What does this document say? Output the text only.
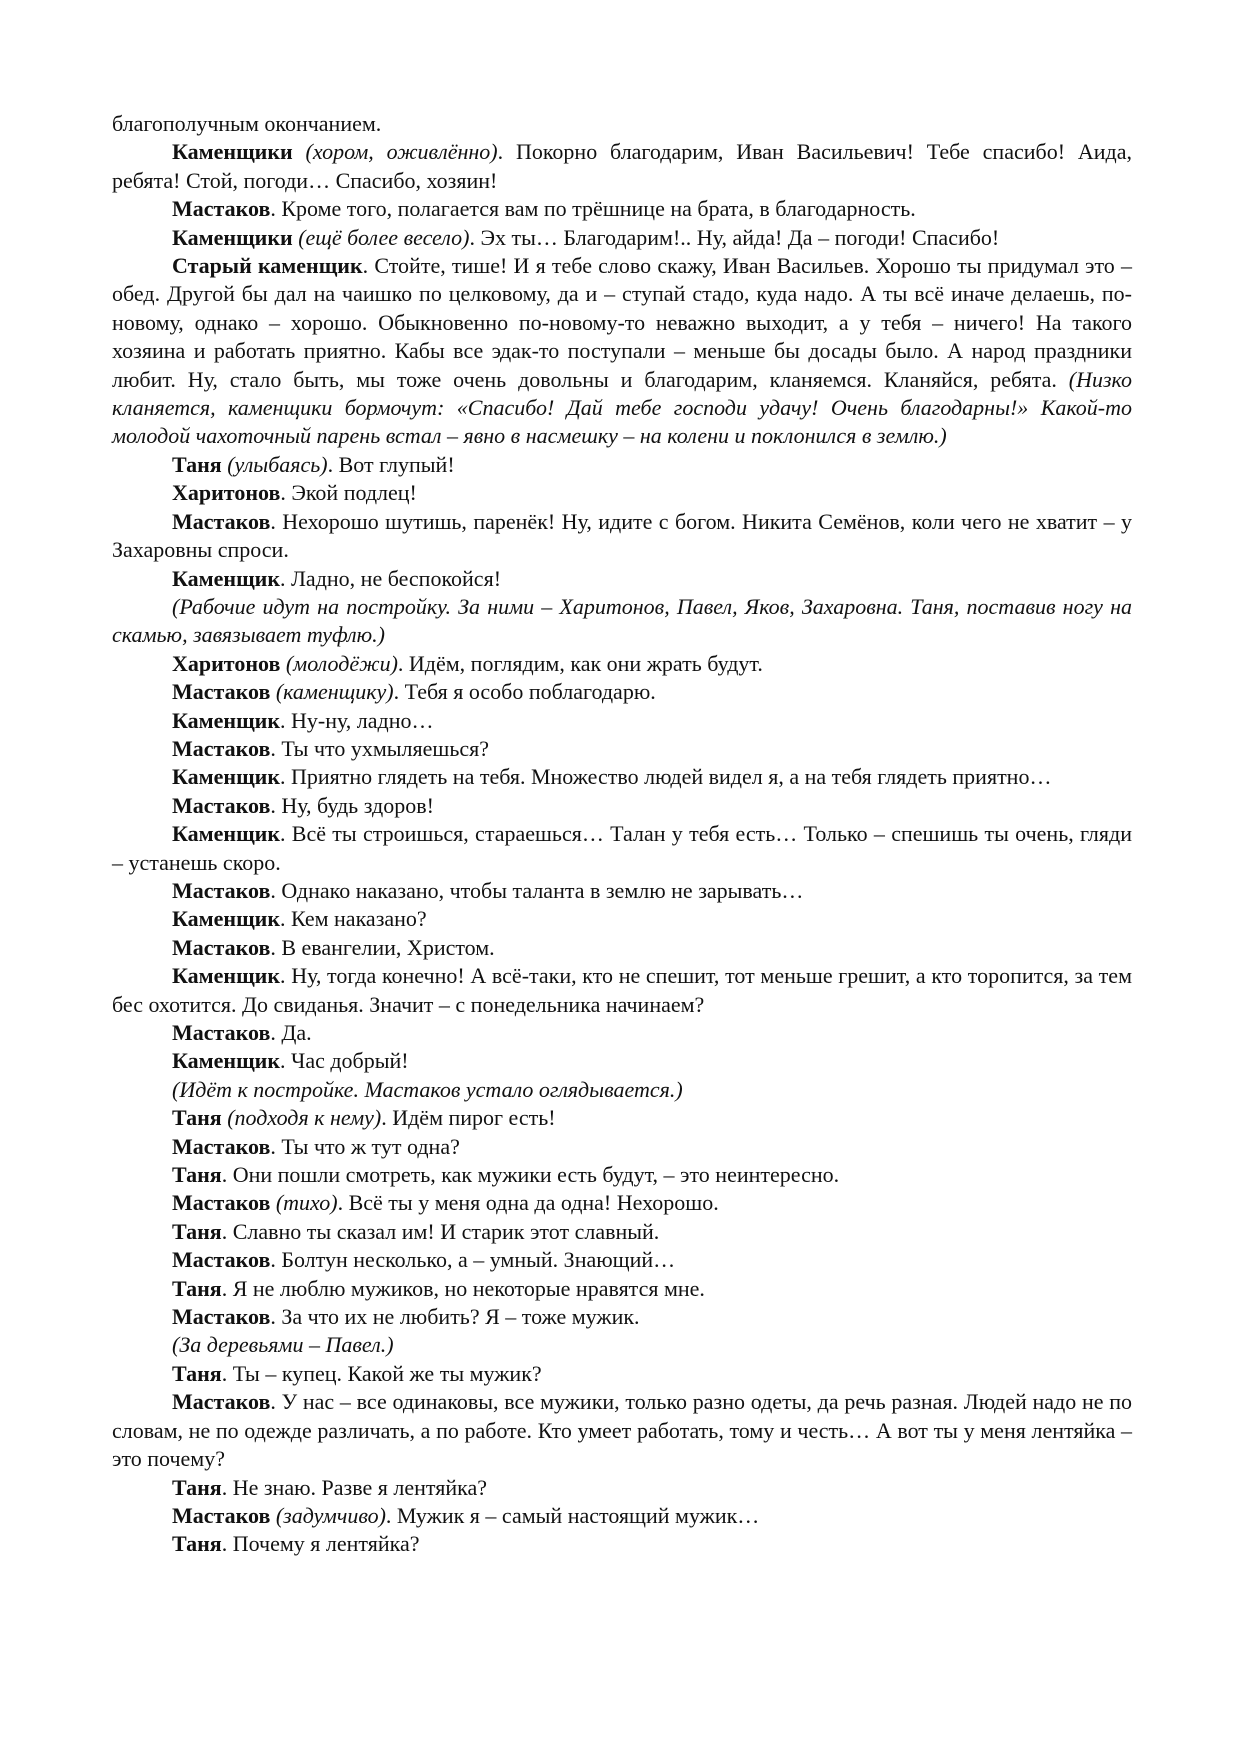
благополучным окончанием.

Каменщики (хором, оживлённо). Покорно благодарим, Иван Васильевич! Тебе спасибо! Аида, ребята! Стой, погоди… Спасибо, хозяин!

Мастаков. Кроме того, полагается вам по трёшнице на брата, в благодарность.

Каменщики (ещё более весело). Эх ты… Благодарим!.. Ну, айда! Да – погоди! Спасибо!

Старый каменщик. Стойте, тише! И я тебе слово скажу, Иван Васильев. Хорошо ты придумал это – обед. Другой бы дал на чаишко по целковому, да и – ступай стадо, куда надо. А ты всё иначе делаешь, по-новому, однако – хорошо. Обыкновенно по-новому-то неважно выходит, а у тебя – ничего! На такого хозяина и работать приятно. Кабы все эдак-то поступали – меньше бы досады было. А народ праздники любит. Ну, стало быть, мы тоже очень довольны и благодарим, кланяемся. Кланяйся, ребята. (Низко кланяется, каменщики бормочут: «Спасибо! Дай тебе господи удачу! Очень благодарны!» Какой-то молодой чахоточный парень встал – явно в насмешку – на колени и поклонился в землю.)

Таня (улыбаясь). Вот глупый!

Харитонов. Экой подлец!

Мастаков. Нехорошо шутишь, паренёк! Ну, идите с богом. Никита Семёнов, коли чего не хватит – у Захаровны спроси.

Каменщик. Ладно, не беспокойся!

(Рабочие идут на постройку. За ними – Харитонов, Павел, Яков, Захаровна. Таня, поставив ногу на скамью, завязывает туфлю.)

Харитонов (молодёжи). Идём, поглядим, как они жрать будут.

Мастаков (каменщику). Тебя я особо поблагодарю.

Каменщик. Ну-ну, ладно…

Мастаков. Ты что ухмыляешься?

Каменщик. Приятно глядеть на тебя. Множество людей видел я, а на тебя глядеть приятно…

Мастаков. Ну, будь здоров!

Каменщик. Всё ты строишься, стараешься… Талан у тебя есть… Только – спешишь ты очень, гляди – устанешь скоро.

Мастаков. Однако наказано, чтобы таланта в землю не зарывать…

Каменщик. Кем наказано?

Мастаков. В евангелии, Христом.

Каменщик. Ну, тогда конечно! А всё-таки, кто не спешит, тот меньше грешит, а кто торопится, за тем бес охотится. До свиданья. Значит – с понедельника начинаем?

Мастаков. Да.

Каменщик. Час добрый!

(Идёт к постройке. Мастаков устало оглядывается.)

Таня (подходя к нему). Идём пирог есть!

Мастаков. Ты что ж тут одна?

Таня. Они пошли смотреть, как мужики есть будут, – это неинтересно.

Мастаков (тихо). Всё ты у меня одна да одна! Нехорошо.

Таня. Славно ты сказал им! И старик этот славный.

Мастаков. Болтун несколько, а – умный. Знающий…

Таня. Я не люблю мужиков, но некоторые нравятся мне.

Мастаков. За что их не любить? Я – тоже мужик.

(За деревьями – Павел.)

Таня. Ты – купец. Какой же ты мужик?

Мастаков. У нас – все одинаковы, все мужики, только разно одеты, да речь разная. Людей надо не по словам, не по одежде различать, а по работе. Кто умеет работать, тому и честь… А вот ты у меня лентяйка – это почему?

Таня. Не знаю. Разве я лентяйка?

Мастаков (задумчиво). Мужик я – самый настоящий мужик…

Таня. Почему я лентяйка?
